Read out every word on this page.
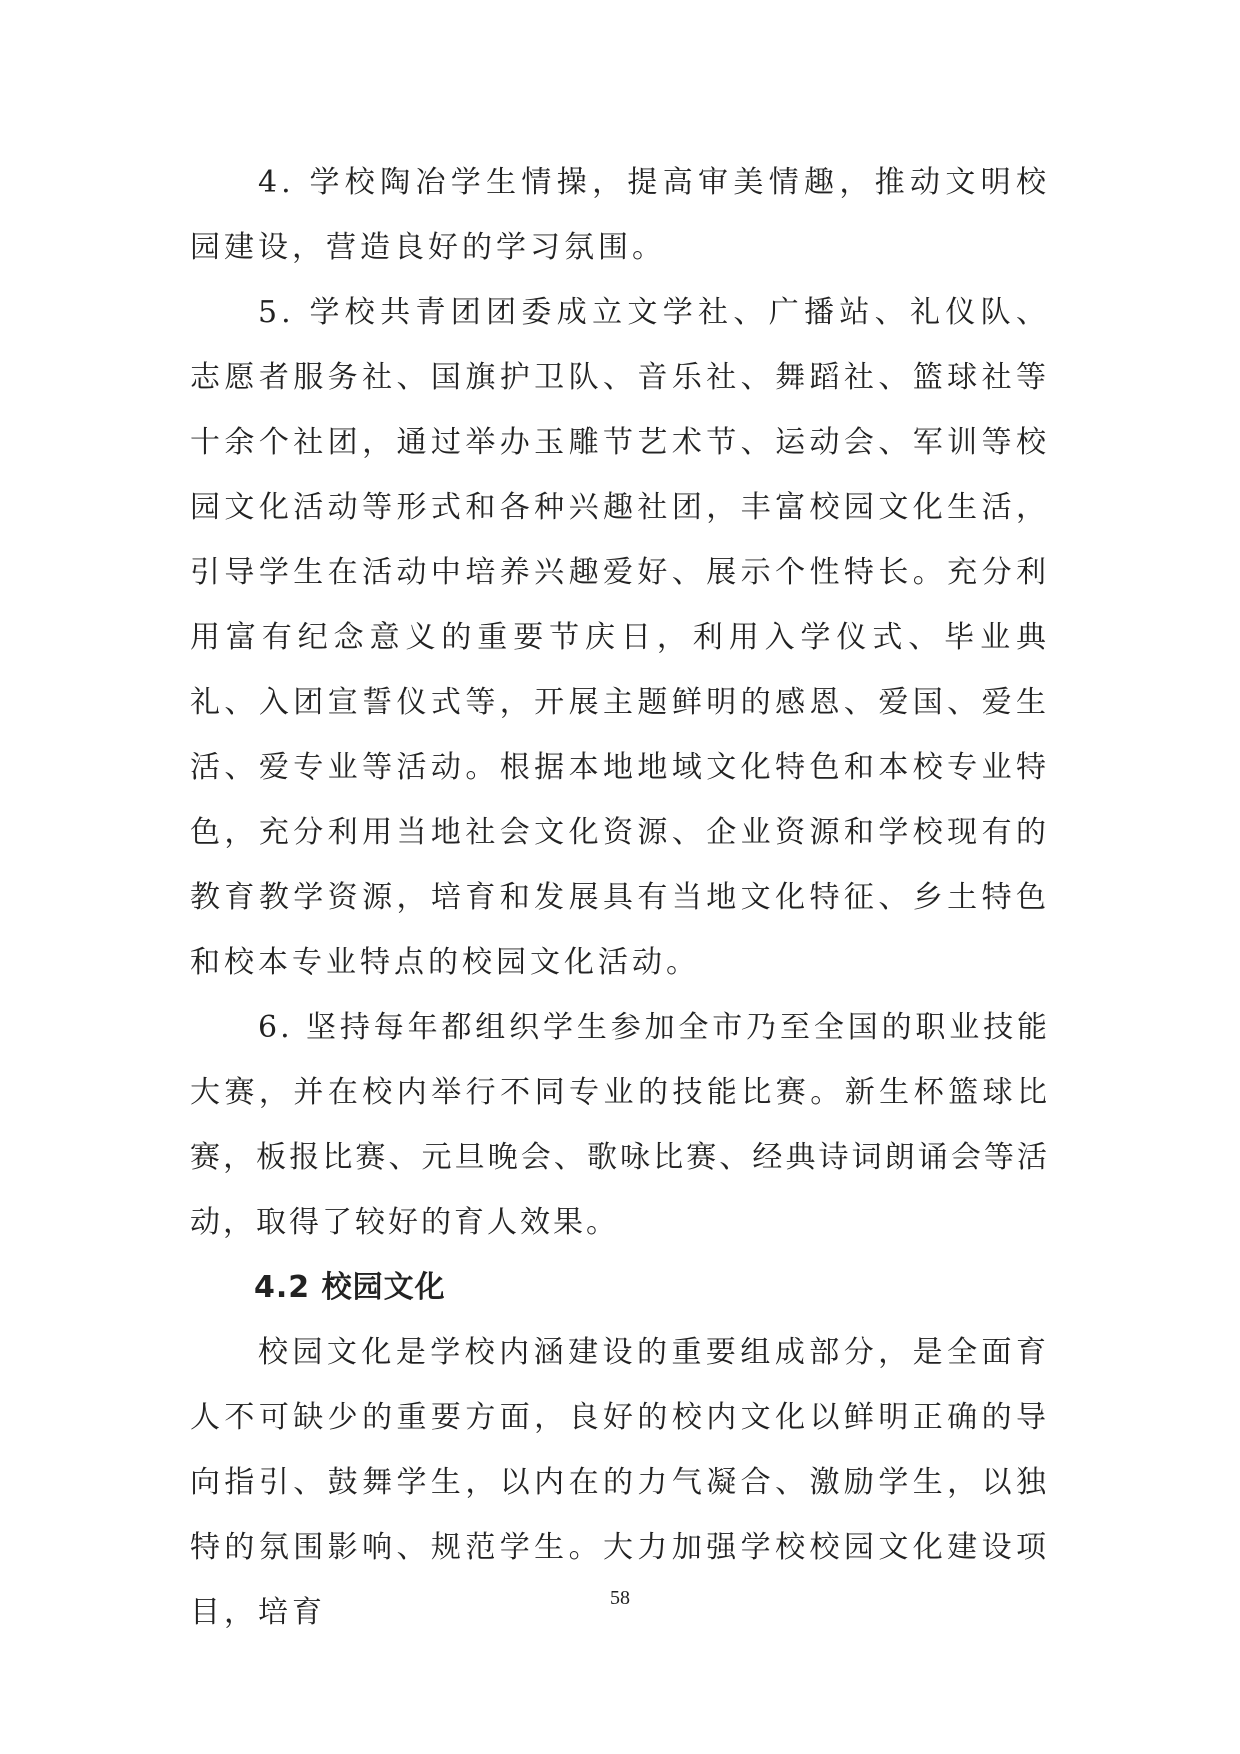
4. 学校陶冶学生情操，提高审美情趣，推动文明校园建设，营造良好的学习氛围。

5. 学校共青团团委成立文学社、广播站、礼仪队、志愿者服务社、国旗护卫队、音乐社、舞蹈社、篮球社等十余个社团，通过举办玉雕节艺术节、运动会、军训等校园文化活动等形式和各种兴趣社团，丰富校园文化生活，引导学生在活动中培养兴趣爱好、展示个性特长。充分利用富有纪念意义的重要节庆日，利用入学仪式、毕业典礼、入团宣誓仪式等，开展主题鲜明的感恩、爱国、爱生活、爱专业等活动。根据本地地域文化特色和本校专业特色，充分利用当地社会文化资源、企业资源和学校现有的教育教学资源，培育和发展具有当地文化特征、乡土特色和校本专业特点的校园文化活动。

6. 坚持每年都组织学生参加全市乃至全国的职业技能大赛，并在校内举行不同专业的技能比赛。新生杯篮球比赛，板报比赛、元旦晚会、歌咏比赛、经典诗词朗诵会等活动，取得了较好的育人效果。

4.2 校园文化

校园文化是学校内涵建设的重要组成部分，是全面育人不可缺少的重要方面，良好的校内文化以鲜明正确的导向指引、鼓舞学生，以内在的力气凝合、激励学生，以独特的氛围影响、规范学生。大力加强学校校园文化建设项目，培育	58
